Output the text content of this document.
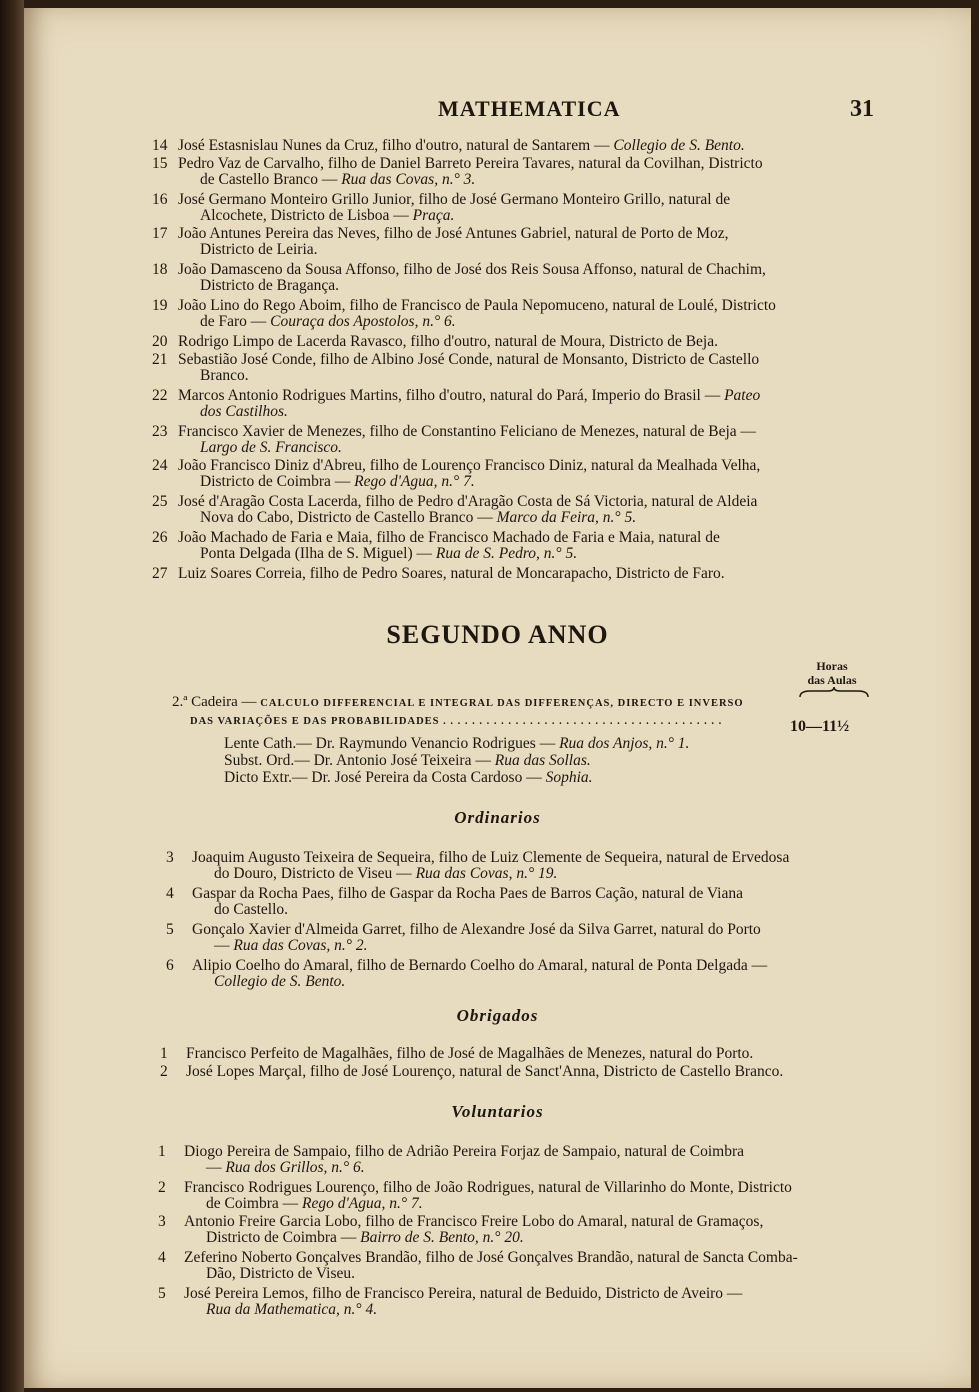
MATHEMATICA	31
14 José Estasnislau Nunes da Cruz, filho d'outro, natural de Santarem — Collegio de S. Bento.
15 Pedro Vaz de Carvalho, filho de Daniel Barreto Pereira Tavares, natural da Covilhan, Districto
de Castello Branco — Rua das Covas, n.° 3.
16 José Germano Monteiro Grillo Junior, filho de José Germano Monteiro Grillo, natural de
Alcochete, Districto de Lisboa — Praça.
17 João Antunes Pereira das Neves, filho de José Antunes Gabriel, natural de Porto de Moz,
Districto de Leiria.
18 João Damasceno da Sousa Affonso, filho de José dos Reis Sousa Affonso, natural de Chachim,
Districto de Bragança.
19 João Lino do Rego Aboim, filho de Francisco de Paula Nepomuceno, natural de Loulé, Districto
de Faro — Couraça dos Apostolos, n.° 6.
20 Rodrigo Limpo de Lacerda Ravasco, filho d'outro, natural de Moura, Districto de Beja.
21 Sebastião José Conde, filho de Albino José Conde, natural de Monsanto, Districto de Castello
Branco.
22 Marcos Antonio Rodrigues Martins, filho d'outro, natural do Pará, Imperio do Brasil — Pateo
dos Castilhos.
23 Francisco Xavier de Menezes, filho de Constantino Feliciano de Menezes, natural de Beja —
Largo de S. Francisco.
24 João Francisco Diniz d'Abreu, filho de Lourenço Francisco Diniz, natural da Mealhada Velha,
Districto de Coimbra — Rego d'Agua, n.° 7.
25 José d'Aragão Costa Lacerda, filho de Pedro d'Aragão Costa de Sá Victoria, natural de Aldeia
Nova do Cabo, Districto de Castello Branco — Marco da Feira, n.° 5.
26 João Machado de Faria e Maia, filho de Francisco Machado de Faria e Maia, natural de
Ponta Delgada (Ilha de S. Miguel) — Rua de S. Pedro, n.° 5.
27 Luiz Soares Correia, filho de Pedro Soares, natural de Moncarapacho, Districto de Faro.
SEGUNDO ANNO
Horas
das Aulas
2.ª Cadeira — CALCULO DIFFERENCIAL E INTEGRAL DAS DIFFERENÇAS, DIRECTO E INVERSO
DAS VARIAÇÕES E DAS PROBABILIDADES . . . . . . . . . . . . . . . . . . . . . . . . . . . . . . . . . . . . . . .	10—11½
Lente Cath.— Dr. Raymundo Venancio Rodrigues — Rua dos Anjos, n.° 1.
Subst. Ord.— Dr. Antonio José Teixeira — Rua das Sollas.
Dicto Extr.— Dr. José Pereira da Costa Cardoso — Sophia.
Ordinarios
3 Joaquim Augusto Teixeira de Sequeira, filho de Luiz Clemente de Sequeira, natural de Ervedosa
do Douro, Districto de Viseu — Rua das Covas, n.° 19.
4 Gaspar da Rocha Paes, filho de Gaspar da Rocha Paes de Barros Cação, natural de Viana
do Castello.
5 Gonçalo Xavier d'Almeida Garret, filho de Alexandre José da Silva Garret, natural do Porto
— Rua das Covas, n.° 2.
6 Alipio Coelho do Amaral, filho de Bernardo Coelho do Amaral, natural de Ponta Delgada —
Collegio de S. Bento.
Obrigados
1 Francisco Perfeito de Magalhães, filho de José de Magalhães de Menezes, natural do Porto.
2 José Lopes Marçal, filho de José Lourenço, natural de Sanct'Anna, Districto de Castello Branco.
Voluntarios
1 Diogo Pereira de Sampaio, filho de Adrião Pereira Forjaz de Sampaio, natural de Coimbra
— Rua dos Grillos, n.° 6.
2 Francisco Rodrigues Lourenço, filho de João Rodrigues, natural de Villarinho do Monte, Districto
de Coimbra — Rego d'Agua, n.° 7.
3 Antonio Freire Garcia Lobo, filho de Francisco Freire Lobo do Amaral, natural de Gramaços,
Districto de Coimbra — Bairro de S. Bento, n.° 20.
4 Zeferino Noberto Gonçalves Brandão, filho de José Gonçalves Brandão, natural de Sancta Comba-
Dão, Districto de Viseu.
5 José Pereira Lemos, filho de Francisco Pereira, natural de Beduido, Districto de Aveiro —
Rua da Mathematica, n.° 4.
